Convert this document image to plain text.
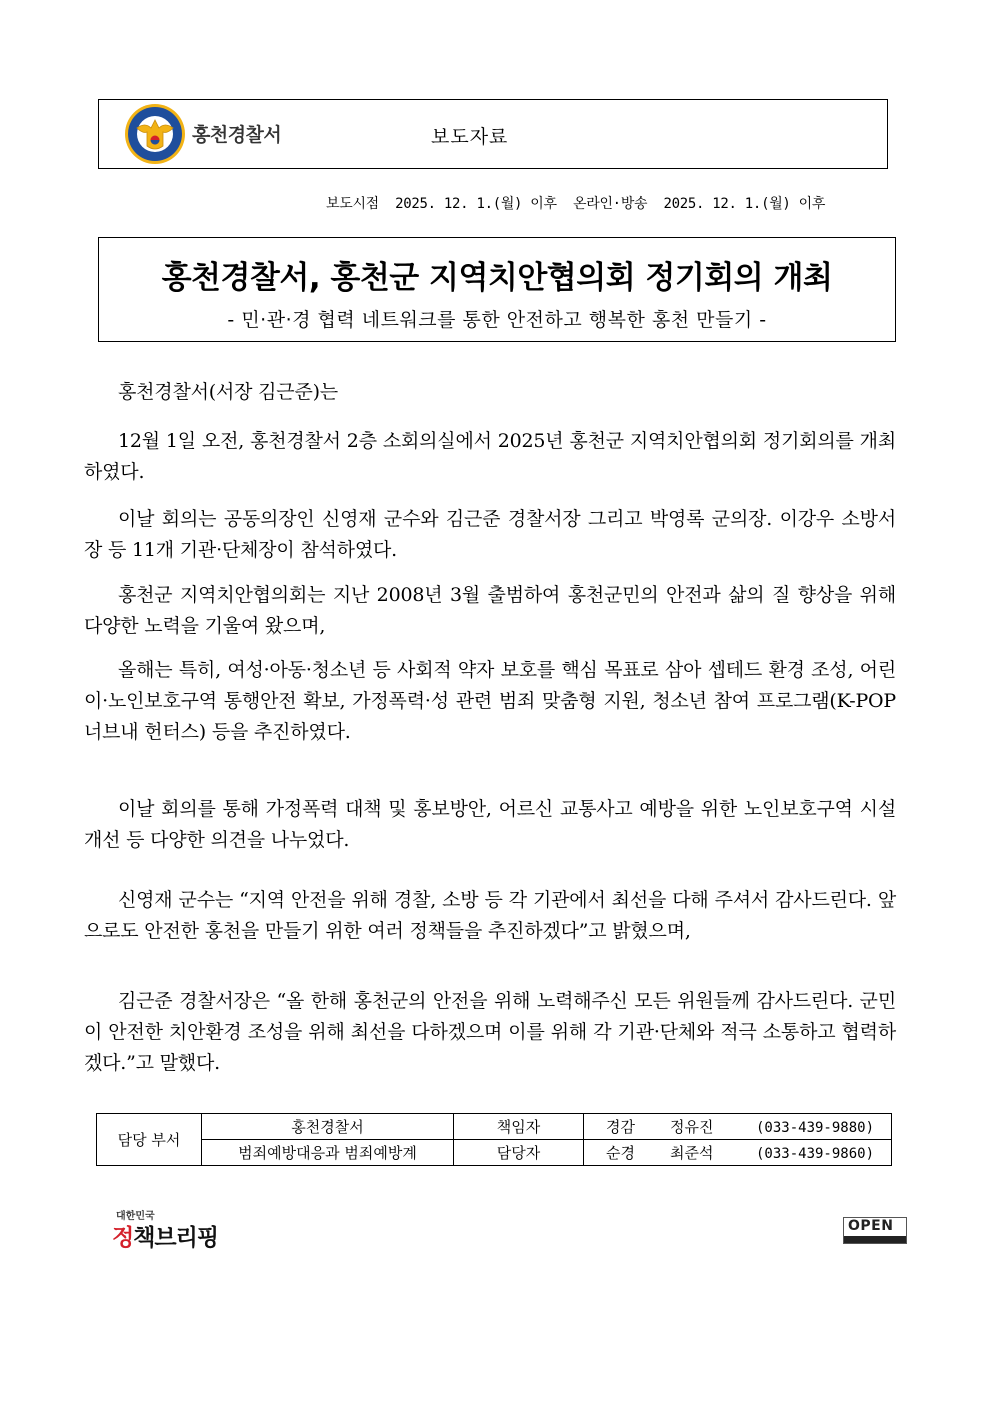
홍천경찰서	보도자료
보도시점  2025. 12. 1.(월) 이후  온라인·방송  2025. 12. 1.(월) 이후
홍천경찰서, 홍천군 지역치안협의회 정기회의 개최
- 민·관·경 협력 네트워크를 통한 안전하고 행복한 홍천 만들기 -
홍천경찰서(서장 김근준)는
12월 1일 오전, 홍천경찰서 2층 소회의실에서 2025년 홍천군 지역치안협의회 정기회의를 개최하였다.
이날 회의는 공동의장인 신영재 군수와 김근준 경찰서장 그리고 박영록 군의장. 이강우 소방서장 등 11개 기관·단체장이 참석하였다.
홍천군 지역치안협의회는 지난 2008년 3월 출범하여 홍천군민의 안전과 삶의 질 향상을 위해 다양한 노력을 기울여 왔으며,
올해는 특히, 여성·아동·청소년 등 사회적 약자 보호를 핵심 목표로 삼아 셉테드 환경 조성, 어린이·노인보호구역 통행안전 확보, 가정폭력·성 관련 범죄 맞춤형 지원, 청소년 참여 프로그램(K-POP 너브내 헌터스) 등을 추진하였다.
이날 회의를 통해 가정폭력 대책 및 홍보방안, 어르신 교통사고 예방을 위한 노인보호구역 시설개선 등 다양한 의견을 나누었다.
신영재 군수는 “지역 안전을 위해 경찰, 소방 등 각 기관에서 최선을 다해 주셔서 감사드린다. 앞으로도 안전한 홍천을 만들기 위한 여러 정책들을 추진하겠다”고 밝혔으며,
김근준 경찰서장은 “올 한해 홍천군의 안전을 위해 노력해주신 모든 위원들께 감사드린다. 군민이 안전한 치안환경 조성을 위해 최선을 다하겠으며 이를 위해 각 기관·단체와 적극 소통하고 협력하겠다.”고 말했다.
담당 부서	홍천경찰서	책임자	경감 정유진 (033-439-9880)
	범죄예방대응과 범죄예방계	담당자	순경 최준석 (033-439-9860)
대한민국
정책브리핑	OPEN
